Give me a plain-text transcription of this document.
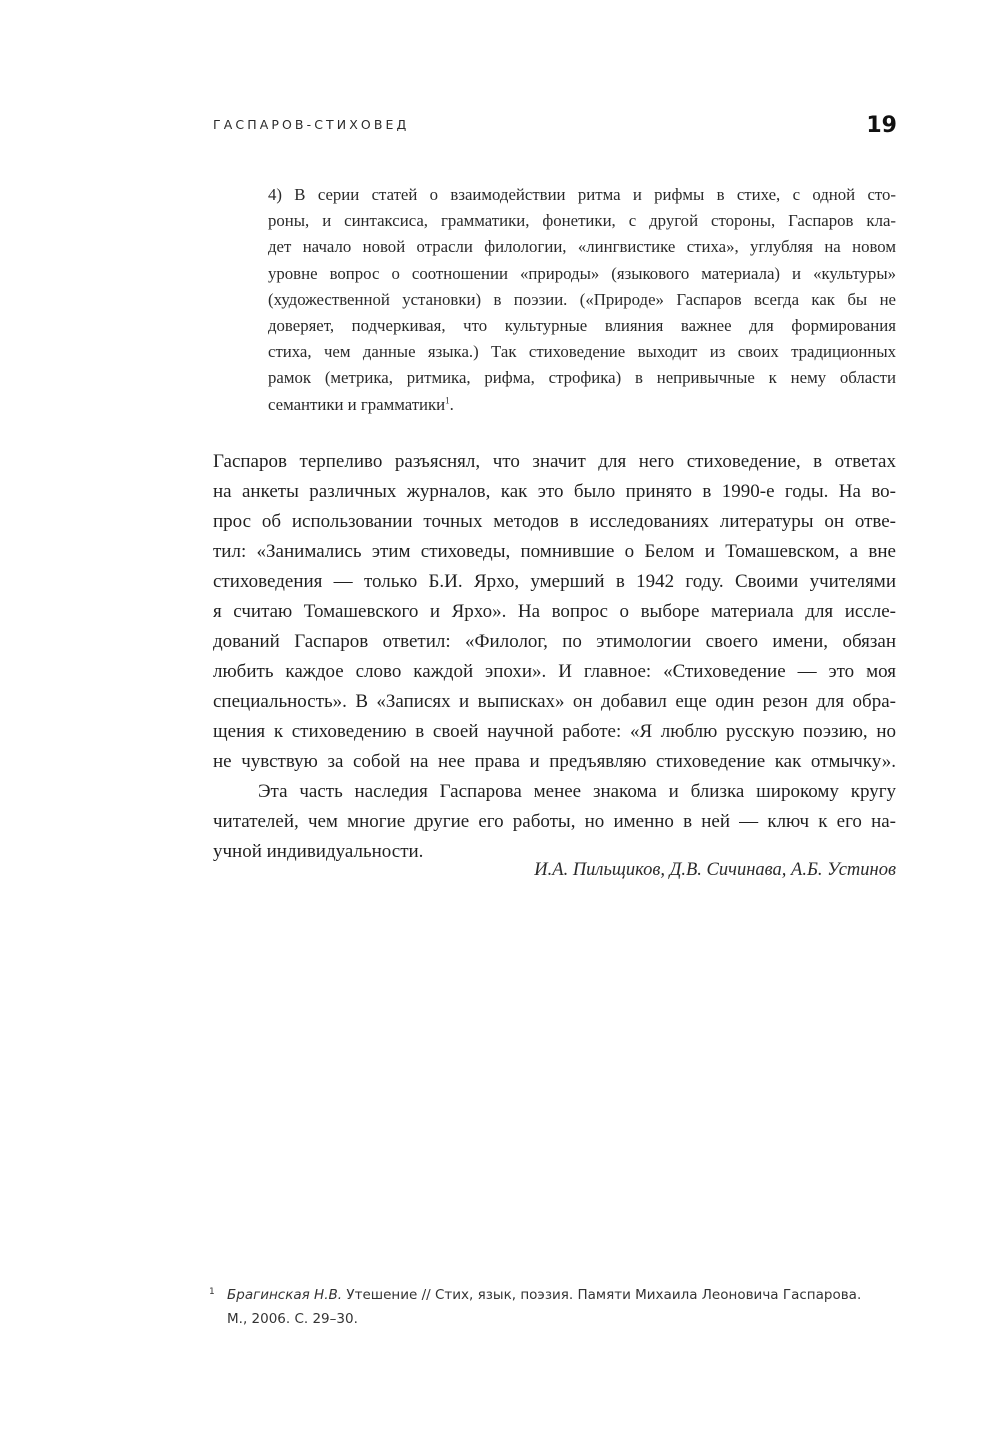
ГАСПАРОВ-СТИХОВЕД	19
4) В серии статей о взаимодействии ритма и рифмы в стихе, с одной сто-
роны, и синтаксиса, грамматики, фонетики, с другой стороны, Гаспаров кла-
дет начало новой отрасли филологии, «лингвистике стиха», углубляя на новом
уровне вопрос о соотношении «природы» (языкового материала) и «культуры»
(художественной установки) в поэзии. («Природе» Гаспаров всегда как бы не
доверяет, подчеркивая, что культурные влияния важнее для формирования
стиха, чем данные языка.) Так стиховедение выходит из своих традиционных
рамок (метрика, ритмика, рифма, строфика) в непривычные к нему области
семантики и грамматики$^1$.
Гаспаров терпеливо разъяснял, что значит для него стиховедение, в ответах
на анкеты различных журналов, как это было принято в 1990-е годы. На во-
прос об использовании точных методов в исследованиях литературы он отве-
тил: «Занимались этим стиховеды, помнившие о Белом и Томашевском, а вне
стиховедения — только Б.И. Ярхо, умерший в 1942 году. Своими учителями
я считаю Томашевского и Ярхо». На вопрос о выборе материала для иссле-
дований Гаспаров ответил: «Филолог, по этимологии своего имени, обязан
любить каждое слово каждой эпохи». И главное: «Стиховедение — это моя
специальность». В «Записях и выписках» он добавил еще один резон для обра-
щения к стиховедению в своей научной работе: «Я люблю русскую поэзию, но
не чувствую за собой на нее права и предъявляю стиховедение как отмычку».
Эта часть наследия Гаспарова менее знакома и близка широкому кругу
читателей, чем многие другие его работы, но именно в ней — ключ к его на-
учной индивидуальности.
И.А. Пильщиков, Д.В. Сичинава, А.Б. Устинов
1 Брагинская Н.В. Утешение // Стих, язык, поэзия. Памяти Михаила Леоновича Гаспарова.
М., 2006. С. 29–30.
